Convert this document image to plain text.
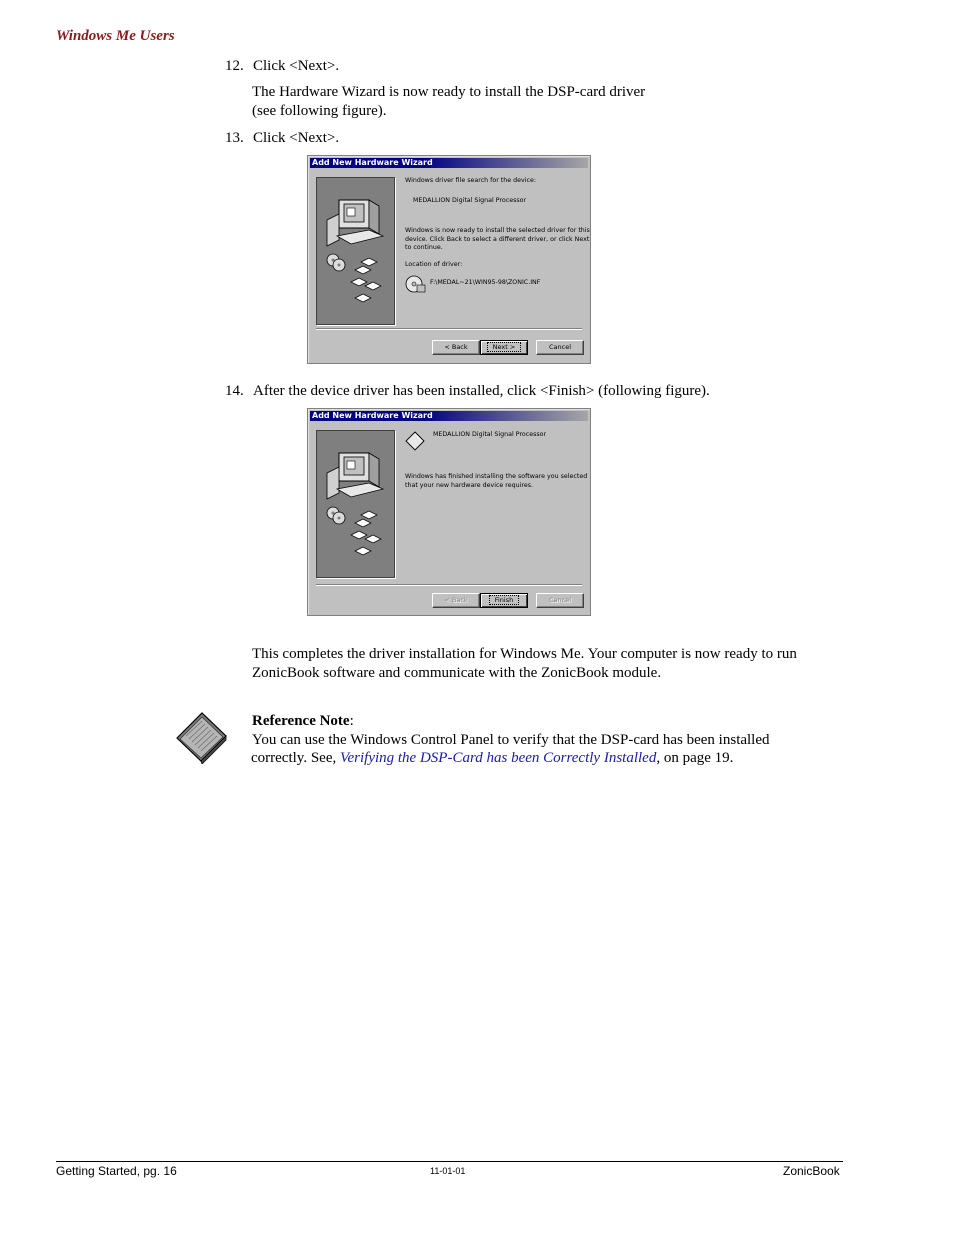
Windows Me Users
12. Click <Next>.
The Hardware Wizard is now ready to install the DSP-card driver
(see following figure).
13. Click <Next>.
Add New Hardware Wizard
Windows driver file search for the device:
MEDALLION Digital Signal Processor
Windows is now ready to install the selected driver for this
device. Click Back to select a different driver, or click Next
to continue.
Location of driver:
F:\MEDAL~21\WIN95-98\ZONIC.INF
< Back	Next >	Cancel
14. After the device driver has been installed, click <Finish> (following figure).
Add New Hardware Wizard
MEDALLION Digital Signal Processor
Windows has finished installing the software you selected
that your new hardware device requires.
< Back	Finish	Cancel
This completes the driver installation for Windows Me. Your computer is now ready to run
ZonicBook software and communicate with the ZonicBook module.
Reference Note:
You can use the Windows Control Panel to verify that the DSP-card has been installed
correctly. See, Verifying the DSP-Card has been Correctly Installed, on page 19.
Getting Started, pg. 16	11-01-01	ZonicBook
